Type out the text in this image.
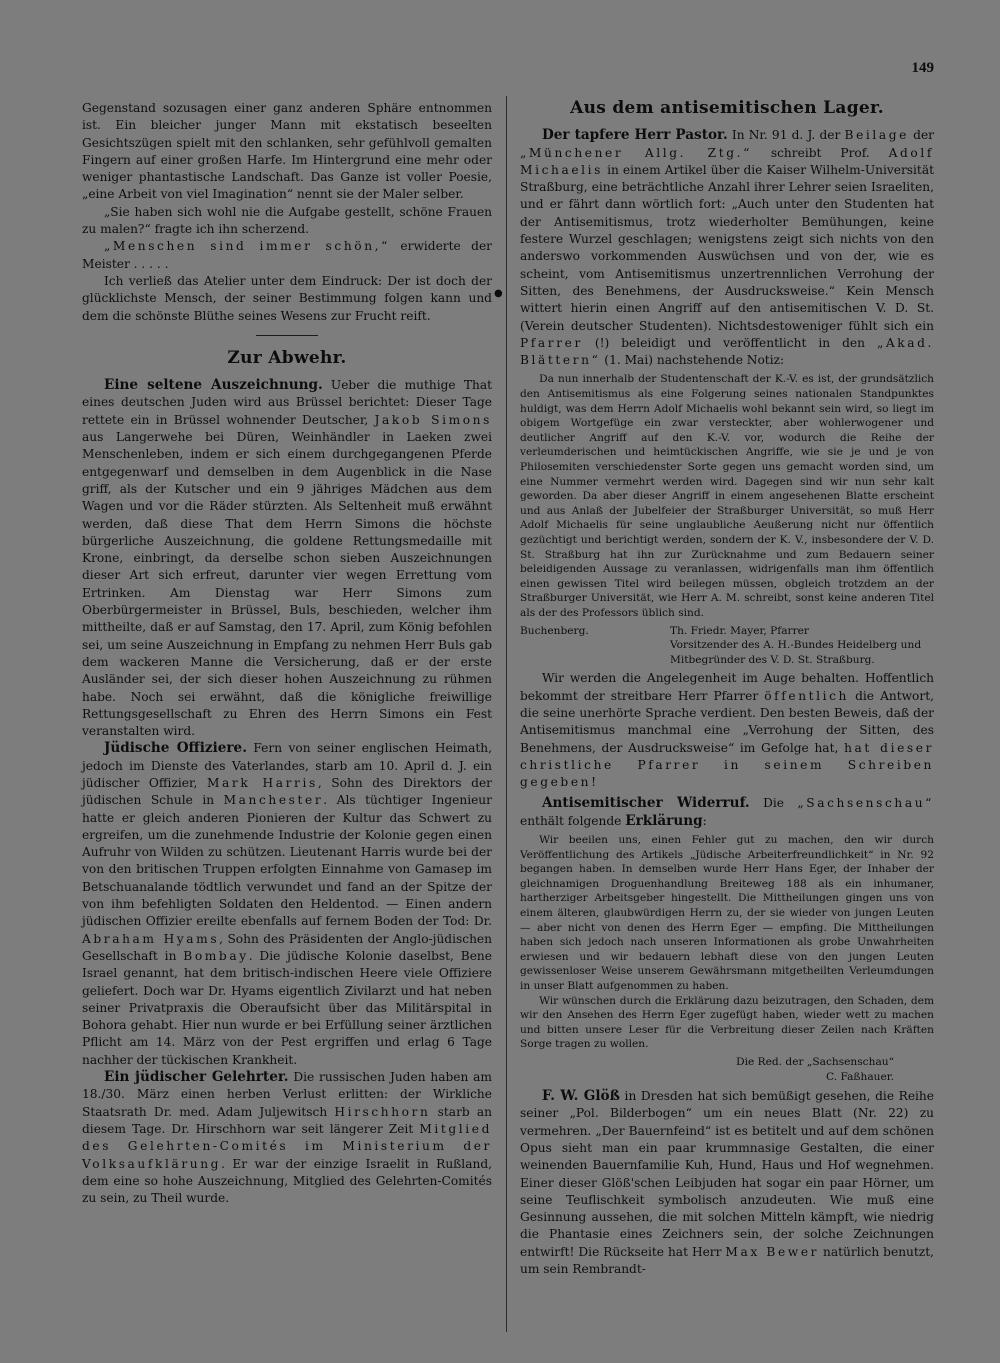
149
●

Gegenstand sozusagen einer ganz anderen Sphäre entnommen ist. Ein bleicher junger Mann mit ekstatisch beseelten Gesichtszügen spielt mit den schlanken, sehr gefühlvoll gemalten Fingern auf einer großen Harfe. Im Hintergrund eine mehr oder weniger phantastische Landschaft. Das Ganze ist voller Poesie, „eine Arbeit von viel Imagination“ nennt sie der Maler selber.

„Sie haben sich wohl nie die Aufgabe gestellt, schöne Frauen zu malen?“ fragte ich ihn scherzend.

„Menschen sind immer schön,“ erwiderte der Meister . . . . .

Ich verließ das Atelier unter dem Eindruck: Der ist doch der glücklichste Mensch, der seiner Bestimmung folgen kann und dem die schönste Blüthe seines Wesens zur Frucht reift.

Zur Abwehr.

Eine seltene Auszeichnung. Ueber die muthige That eines deutschen Juden wird aus Brüssel berichtet: Dieser Tage rettete ein in Brüssel wohnender Deutscher, Jakob Simons aus Langerwehe bei Düren, Weinhändler in Laeken zwei Menschenleben, indem er sich einem durchgegangenen Pferde entgegenwarf und demselben in dem Augenblick in die Nase griff, als der Kutscher und ein 9 jähriges Mädchen aus dem Wagen und vor die Räder stürzten. Als Seltenheit muß erwähnt werden, daß diese That dem Herrn Simons die höchste bürgerliche Auszeichnung, die goldene Rettungsmedaille mit Krone, einbringt, da derselbe schon sieben Auszeichnungen dieser Art sich erfreut, darunter vier wegen Errettung vom Ertrinken. Am Dienstag war Herr Simons zum Oberbürgermeister in Brüssel, Buls, beschieden, welcher ihm mittheilte, daß er auf Samstag, den 17. April, zum König befohlen sei, um seine Auszeichnung in Empfang zu nehmen Herr Buls gab dem wackeren Manne die Versicherung, daß er der erste Ausländer sei, der sich dieser hohen Auszeichnung zu rühmen habe. Noch sei erwähnt, daß die königliche freiwillige Rettungsgesellschaft zu Ehren des Herrn Simons ein Fest veranstalten wird.

Jüdische Offiziere. Fern von seiner englischen Heimath, jedoch im Dienste des Vaterlandes, starb am 10. April d. J. ein jüdischer Offizier, Mark Harris, Sohn des Direktors der jüdischen Schule in Manchester. Als tüchtiger Ingenieur hatte er gleich anderen Pionieren der Kultur das Schwert zu ergreifen, um die zunehmende Industrie der Kolonie gegen einen Aufruhr von Wilden zu schützen. Lieutenant Harris wurde bei der von den britischen Truppen erfolgten Einnahme von Gamasep im Betschuanalande tödtlich verwundet und fand an der Spitze der von ihm befehligten Soldaten den Heldentod. — Einen andern jüdischen Offizier ereilte ebenfalls auf fernem Boden der Tod: Dr. Abraham Hyams, Sohn des Präsidenten der Anglo-jüdischen Gesellschaft in Bombay. Die jüdische Kolonie daselbst, Bene Israel genannt, hat dem britisch-indischen Heere viele Offiziere geliefert. Doch war Dr. Hyams eigentlich Zivilarzt und hat neben seiner Privatpraxis die Oberaufsicht über das Militärspital in Bohora gehabt. Hier nun wurde er bei Erfüllung seiner ärztlichen Pflicht am 14. März von der Pest ergriffen und erlag 6 Tage nachher der tückischen Krankheit.

Ein jüdischer Gelehrter. Die russischen Juden haben am 18./30. März einen herben Verlust erlitten: der Wirkliche Staatsrath Dr. med. Adam Juljewitsch Hirschhorn starb an diesem Tage. Dr. Hirschhorn war seit längerer Zeit Mitglied des Gelehrten-Comités im Ministerium der Volksaufklärung. Er war der einzige Israelit in Rußland, dem eine so hohe Auszeichnung, Mitglied des Gelehrten-Comités zu sein, zu Theil wurde.

Aus dem antisemitischen Lager.

Der tapfere Herr Pastor. In Nr. 91 d. J. der Beilage der „Münchener Allg. Ztg.“ schreibt Prof. Adolf Michaelis in einem Artikel über die Kaiser Wilhelm-Universität Straßburg, eine beträchtliche Anzahl ihrer Lehrer seien Israeliten, und er fährt dann wörtlich fort: „Auch unter den Studenten hat der Antisemitismus, trotz wiederholter Bemühungen, keine festere Wurzel geschlagen; wenigstens zeigt sich nichts von den anderswo vorkommenden Auswüchsen und von der, wie es scheint, vom Antisemitismus unzertrennlichen Verrohung der Sitten, des Benehmens, der Ausdrucksweise.“ Kein Mensch wittert hierin einen Angriff auf den antisemitischen V. D. St. (Verein deutscher Studenten). Nichtsdestoweniger fühlt sich ein Pfarrer (!) beleidigt und veröffentlicht in den „Akad. Blättern“ (1. Mai) nachstehende Notiz:

Da nun innerhalb der Studentenschaft der K.-V. es ist, der grundsätzlich den Antisemitismus als eine Folgerung seines nationalen Standpunktes huldigt, was dem Herrn Adolf Michaelis wohl bekannt sein wird, so liegt im obigem Wortgefüge ein zwar versteckter, aber wohlerwogener und deutlicher Angriff auf den K.-V. vor, wodurch die Reihe der verleumderischen und heimtückischen Angriffe, wie sie je und je von Philosemiten verschiedenster Sorte gegen uns gemacht worden sind, um eine Nummer vermehrt werden wird. Dagegen sind wir nun sehr kalt geworden. Da aber dieser Angriff in einem angesehenen Blatte erscheint und aus Anlaß der Jubelfeier der Straßburger Universität, so muß Herr Adolf Michaelis für seine unglaubliche Aeußerung nicht nur öffentlich gezüchtigt und berichtigt werden, sondern der K. V., insbesondere der V. D. St. Straßburg hat ihn zur Zurücknahme und zum Bedauern seiner beleidigenden Aussage zu veranlassen, widrigenfalls man ihm öffentlich einen gewissen Titel wird beilegen müssen, obgleich trotzdem an der Straßburger Universität, wie Herr A. M. schreibt, sonst keine anderen Titel als der des Professors üblich sind.

Buchenberg.	Th. Friedr. Mayer, Pfarrer
Vorsitzender des A. H.-Bundes Heidelberg und
Mitbegründer des V. D. St. Straßburg.

Wir werden die Angelegenheit im Auge behalten. Hoffentlich bekommt der streitbare Herr Pfarrer öffentlich die Antwort, die seine unerhörte Sprache verdient. Den besten Beweis, daß der Antisemitismus manchmal eine „Verrohung der Sitten, des Benehmens, der Ausdrucksweise“ im Gefolge hat, hat dieser christliche Pfarrer in seinem Schreiben gegeben!

Antisemitischer Widerruf. Die „Sachsenschau“ enthält folgende Erklärung:

Wir beeilen uns, einen Fehler gut zu machen, den wir durch Veröffentlichung des Artikels „Jüdische Arbeiterfreundlichkeit“ in Nr. 92 begangen haben. In demselben wurde Herr Hans Eger, der Inhaber der gleichnamigen Droguenhandlung Breiteweg 188 als ein inhumaner, hartherziger Arbeitsgeber hingestellt. Die Mittheilungen gingen uns von einem älteren, glaubwürdigen Herrn zu, der sie wieder von jungen Leuten — aber nicht von denen des Herrn Eger — empfing. Die Mittheilungen haben sich jedoch nach unseren Informationen als grobe Unwahrheiten erwiesen und wir bedauern lebhaft diese von den jungen Leuten gewissenloser Weise unserem Gewährsmann mitgetheilten Verleumdungen in unser Blatt aufgenommen zu haben.

Wir wünschen durch die Erklärung dazu beizutragen, den Schaden, dem wir den Ansehen des Herrn Eger zugefügt haben, wieder wett zu machen und bitten unsere Leser für die Verbreitung dieser Zeilen nach Kräften Sorge tragen zu wollen.

Die Red. der „Sachsenschau“
C. Faßhauer.

F. W. Glöß in Dresden hat sich bemüßigt gesehen, die Reihe seiner „Pol. Bilderbogen“ um ein neues Blatt (Nr. 22) zu vermehren. „Der Bauernfeind“ ist es betitelt und auf dem schönen Opus sieht man ein paar krummnasige Gestalten, die einer weinenden Bauernfamilie Kuh, Hund, Haus und Hof wegnehmen. Einer dieser Glöß'schen Leibjuden hat sogar ein paar Hörner, um seine Teuflischkeit symbolisch anzudeuten. Wie muß eine Gesinnung aussehen, die mit solchen Mitteln kämpft, wie niedrig die Phantasie eines Zeichners sein, der solche Zeichnungen entwirft! Die Rückseite hat Herr Max Bewer natürlich benutzt, um sein Rembrandt-
